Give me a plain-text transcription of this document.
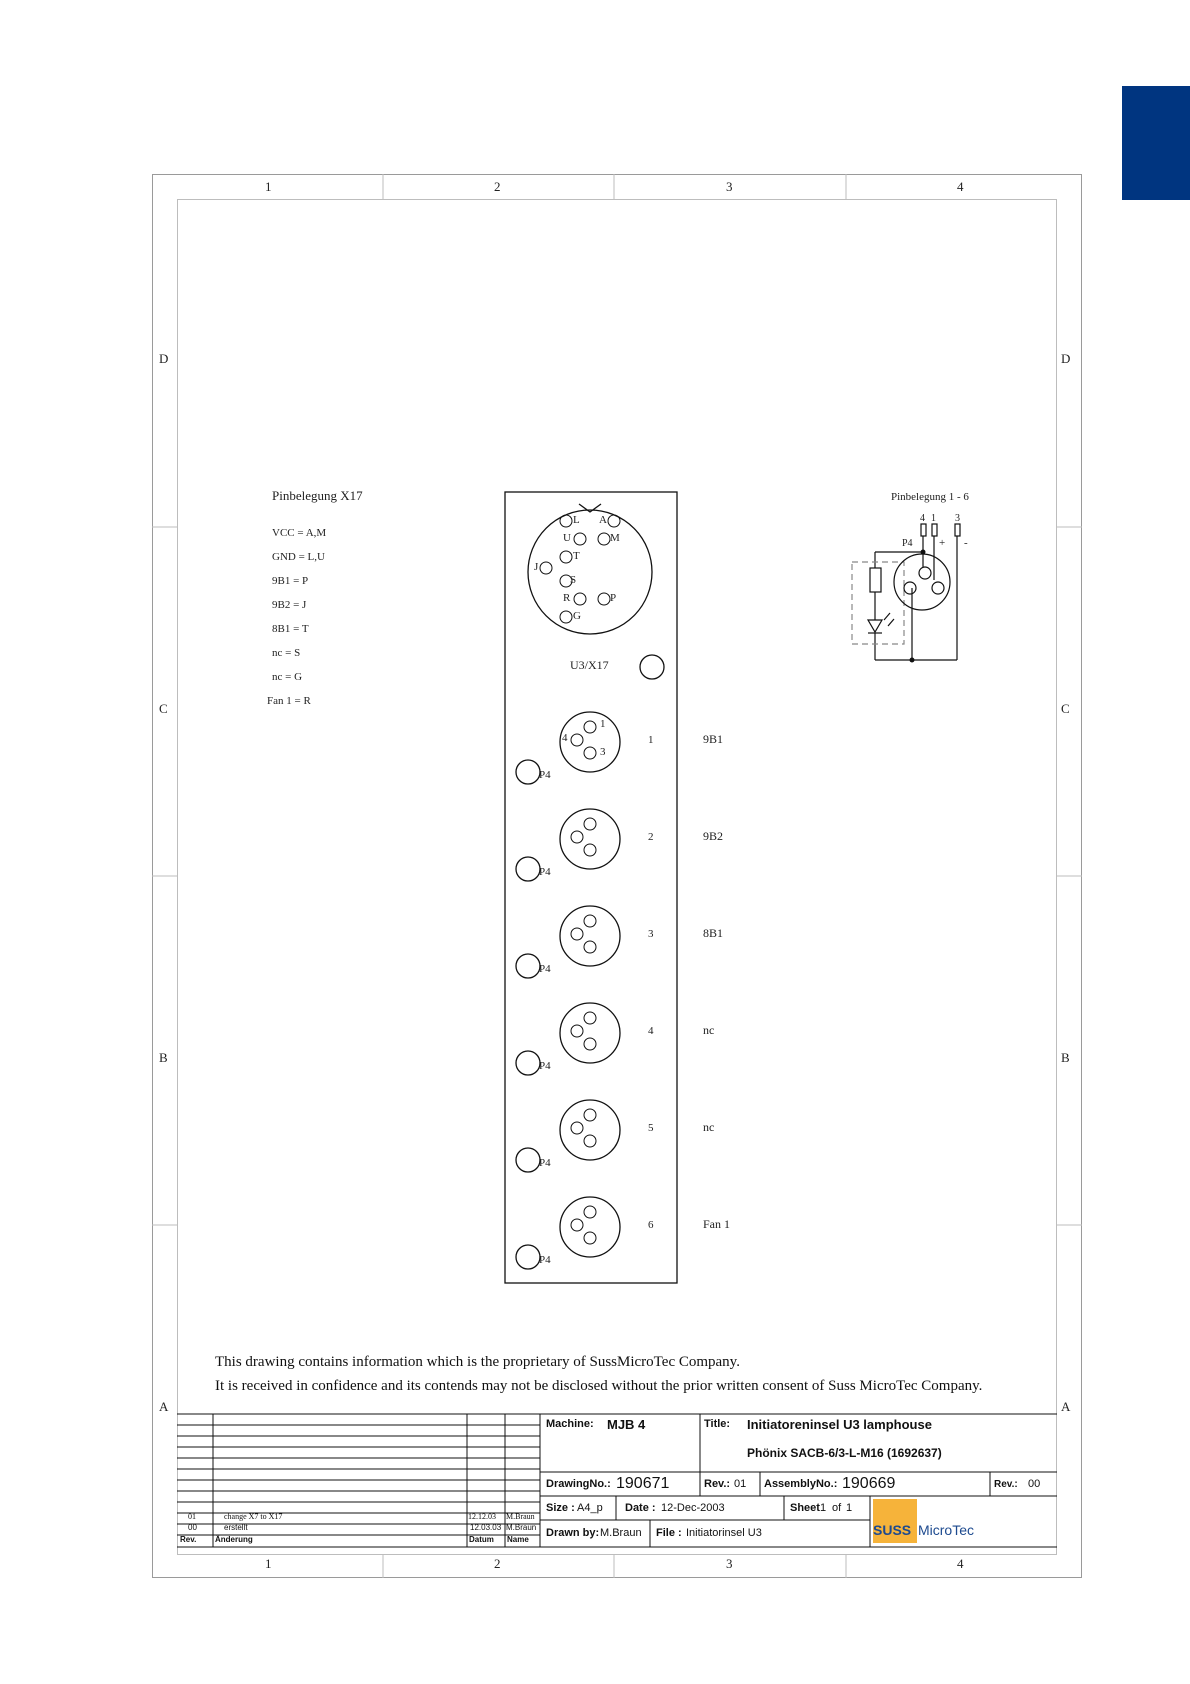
1	2	3	4
1	2	3	4
D
C
B
A
D
C
B
A
Pinbelegung X17
VCC = A,M
GND = L,U
9B1 = P
9B2 = J
8B1 = T
nc = S
nc = G
Fan 1 = R
L A
U	M
T
J
S
R	P
G
U3/X17
1
4
3
1	9B1
P4
2	9B2
P4
3	8B1
P4
4	nc
P4
5	nc
P4
6	Fan 1
P4
Pinbelegung 1 - 6
4 1 3
P4 + -
This drawing contains information which is the proprietary of SussMicroTec Company.
It is received in confidence and its contends may not be disclosed without the prior written consent of Suss MicroTec Company.
01	change X7 to X17	12.12.03 M.Braun
00	erstellt	12.03.03 M.Braun
Rev. Änderung	Datum Name
Machine: MJB 4	Title: Initiatoreninsel U3 lamphouse
Phönix SACB-6/3-L-M16 (1692637)
DrawingNo.: 190671	Rev.: 01 AssemblyNo.: 190669	Rev.: 00
Size : A4_p Date : 12-Dec-2003	Sheet 1 of 1
Drawn by: M.Braun File : Initiatorinsel U3	SUSS MicroTec
